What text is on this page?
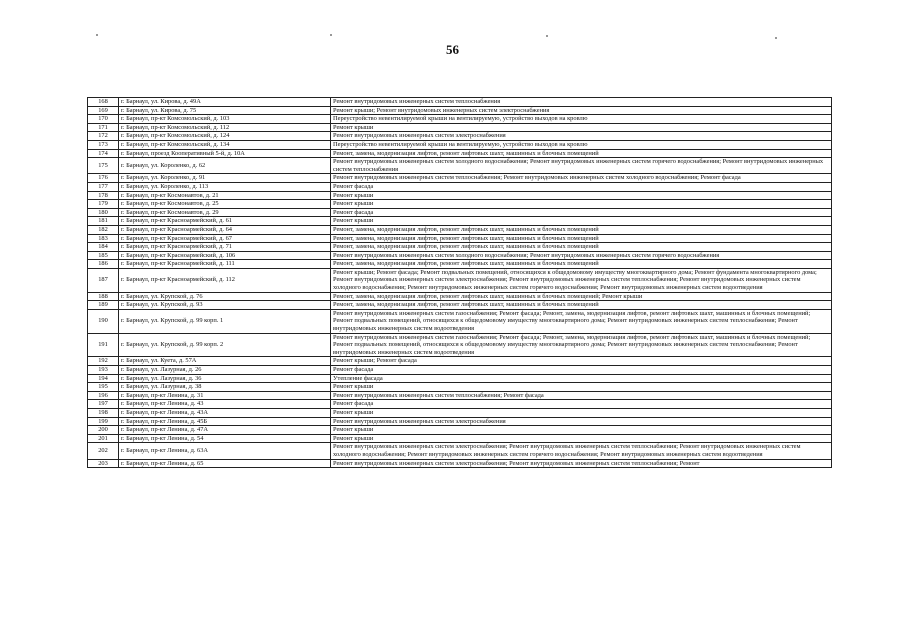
56
168	г. Барнаул, ул. Кирова, д. 49А	Ремонт внутридомовых инженерных систем теплоснабжения
169	г. Барнаул, ул. Кирова, д. 75	Ремонт крыши; Ремонт внутридомовых инженерных систем электроснабжения
170	г. Барнаул, пр-кт Комсомольский, д. 103	Переустройство невентилируемой крыши на вентилируемую, устройство выходов на кровлю
171	г. Барнаул, пр-кт Комсомольский, д. 112	Ремонт крыши
172	г. Барнаул, пр-кт Комсомольский, д. 124	Ремонт внутридомовых инженерных систем электроснабжения
173	г. Барнаул, пр-кт Комсомольский, д. 134	Переустройство невентилируемой крыши на вентилируемую, устройство выходов на кровлю
174	г. Барнаул, проезд Кооперативный 5-й, д. 10А	Ремонт, замена, модернизация лифтов, ремонт лифтовых шахт, машинных и блочных помещений
175	г. Барнаул, ул. Короленко, д. 62	Ремонт внутридомовых инженерных систем холодного водоснабжения; Ремонт внутридомовых инженерных систем горячего водоснабжения; Ремонт внутридомовых инженерных систем теплоснабжения
176	г. Барнаул, ул. Короленко, д. 91	Ремонт внутридомовых инженерных систем теплоснабжения; Ремонт внутридомовых инженерных систем холодного водоснабжения; Ремонт фасада
177	г. Барнаул, ул. Короленко, д. 113	Ремонт фасада
178	г. Барнаул, пр-кт Космонавтов, д. 21	Ремонт крыши
179	г. Барнаул, пр-кт Космонавтов, д. 25	Ремонт крыши
180	г. Барнаул, пр-кт Космонавтов, д. 29	Ремонт фасада
181	г. Барнаул, пр-кт Красноармейский, д. 61	Ремонт крыши
182	г. Барнаул, пр-кт Красноармейский, д. 64	Ремонт, замена, модернизация лифтов, ремонт лифтовых шахт, машинных и блочных помещений
183	г. Барнаул, пр-кт Красноармейский, д. 67	Ремонт, замена, модернизация лифтов, ремонт лифтовых шахт, машинных и блочных помещений
184	г. Барнаул, пр-кт Красноармейский, д. 71	Ремонт, замена, модернизация лифтов, ремонт лифтовых шахт, машинных и блочных помещений
185	г. Барнаул, пр-кт Красноармейский, д. 106	Ремонт внутридомовых инженерных систем холодного водоснабжения; Ремонт внутридомовых инженерных систем горячего водоснабжения
186	г. Барнаул, пр-кт Красноармейский, д. 111	Ремонт, замена, модернизация лифтов, ремонт лифтовых шахт, машинных и блочных помещений
187	г. Барнаул, пр-кт Красноармейский, д. 112	Ремонт крыши; Ремонт фасада; Ремонт подвальных помещений, относящихся к общедомовому имуществу многоквартирного дома; Ремонт фундамента многоквартирного дома; Ремонт внутридомовых инженерных систем электроснабжения; Ремонт внутридомовых инженерных систем теплоснабжения; Ремонт внутридомовых инженерных систем холодного водоснабжения; Ремонт внутридомовых инженерных систем горячего водоснабжения; Ремонт внутридомовых инженерных систем водоотведения
188	г. Барнаул, ул. Крупской, д. 76	Ремонт, замена, модернизация лифтов, ремонт лифтовых шахт, машинных и блочных помещений; Ремонт крыши
189	г. Барнаул, ул. Крупской, д. 93	Ремонт, замена, модернизация лифтов, ремонт лифтовых шахт, машинных и блочных помещений
190	г. Барнаул, ул. Крупской, д. 99 корп. 1	Ремонт внутридомовых инженерных систем газоснабжения; Ремонт фасада; Ремонт, замена, модернизация лифтов, ремонт лифтовых шахт, машинных и блочных помещений; Ремонт подвальных помещений, относящихся к общедомовому имуществу многоквартирного дома; Ремонт внутридомовых инженерных систем теплоснабжения; Ремонт внутридомовых инженерных систем водоотведения
191	г. Барнаул, ул. Крупской, д. 99 корп. 2	Ремонт внутридомовых инженерных систем газоснабжения; Ремонт фасада; Ремонт, замена, модернизация лифтов, ремонт лифтовых шахт, машинных и блочных помещений; Ремонт подвальных помещений, относящихся к общедомовому имуществу многоквартирного дома; Ремонт внутридомовых инженерных систем теплоснабжения; Ремонт внутридомовых инженерных систем водоотведения
192	г. Барнаул, ул. Куета, д. 57А	Ремонт крыши; Ремонт фасада
193	г. Барнаул, ул. Лазурная, д. 26	Ремонт фасада
194	г. Барнаул, ул. Лазурная, д. 36	Утепление фасада
195	г. Барнаул, ул. Лазурная, д. 38	Ремонт крыши
196	г. Барнаул, пр-кт Ленина, д. 31	Ремонт внутридомовых инженерных систем теплоснабжения; Ремонт фасада
197	г. Барнаул, пр-кт Ленина, д. 43	Ремонт фасада
198	г. Барнаул, пр-кт Ленина, д. 43А	Ремонт крыши
199	г. Барнаул, пр-кт Ленина, д. 45Б	Ремонт внутридомовых инженерных систем электроснабжения
200	г. Барнаул, пр-кт Ленина, д. 47А	Ремонт крыши
201	г. Барнаул, пр-кт Ленина, д. 54	Ремонт крыши
202	г. Барнаул, пр-кт Ленина, д. 63А	Ремонт внутридомовых инженерных систем электроснабжения; Ремонт внутридомовых инженерных систем теплоснабжения; Ремонт внутридомовых инженерных систем холодного водоснабжения; Ремонт внутридомовых инженерных систем горячего водоснабжения; Ремонт внутридомовых инженерных систем водоотведения
203	г. Барнаул, пр-кт Ленина, д. 65	Ремонт внутридомовых инженерных систем электроснабжения; Ремонт внутридомовых инженерных систем теплоснабжения; Ремонт
